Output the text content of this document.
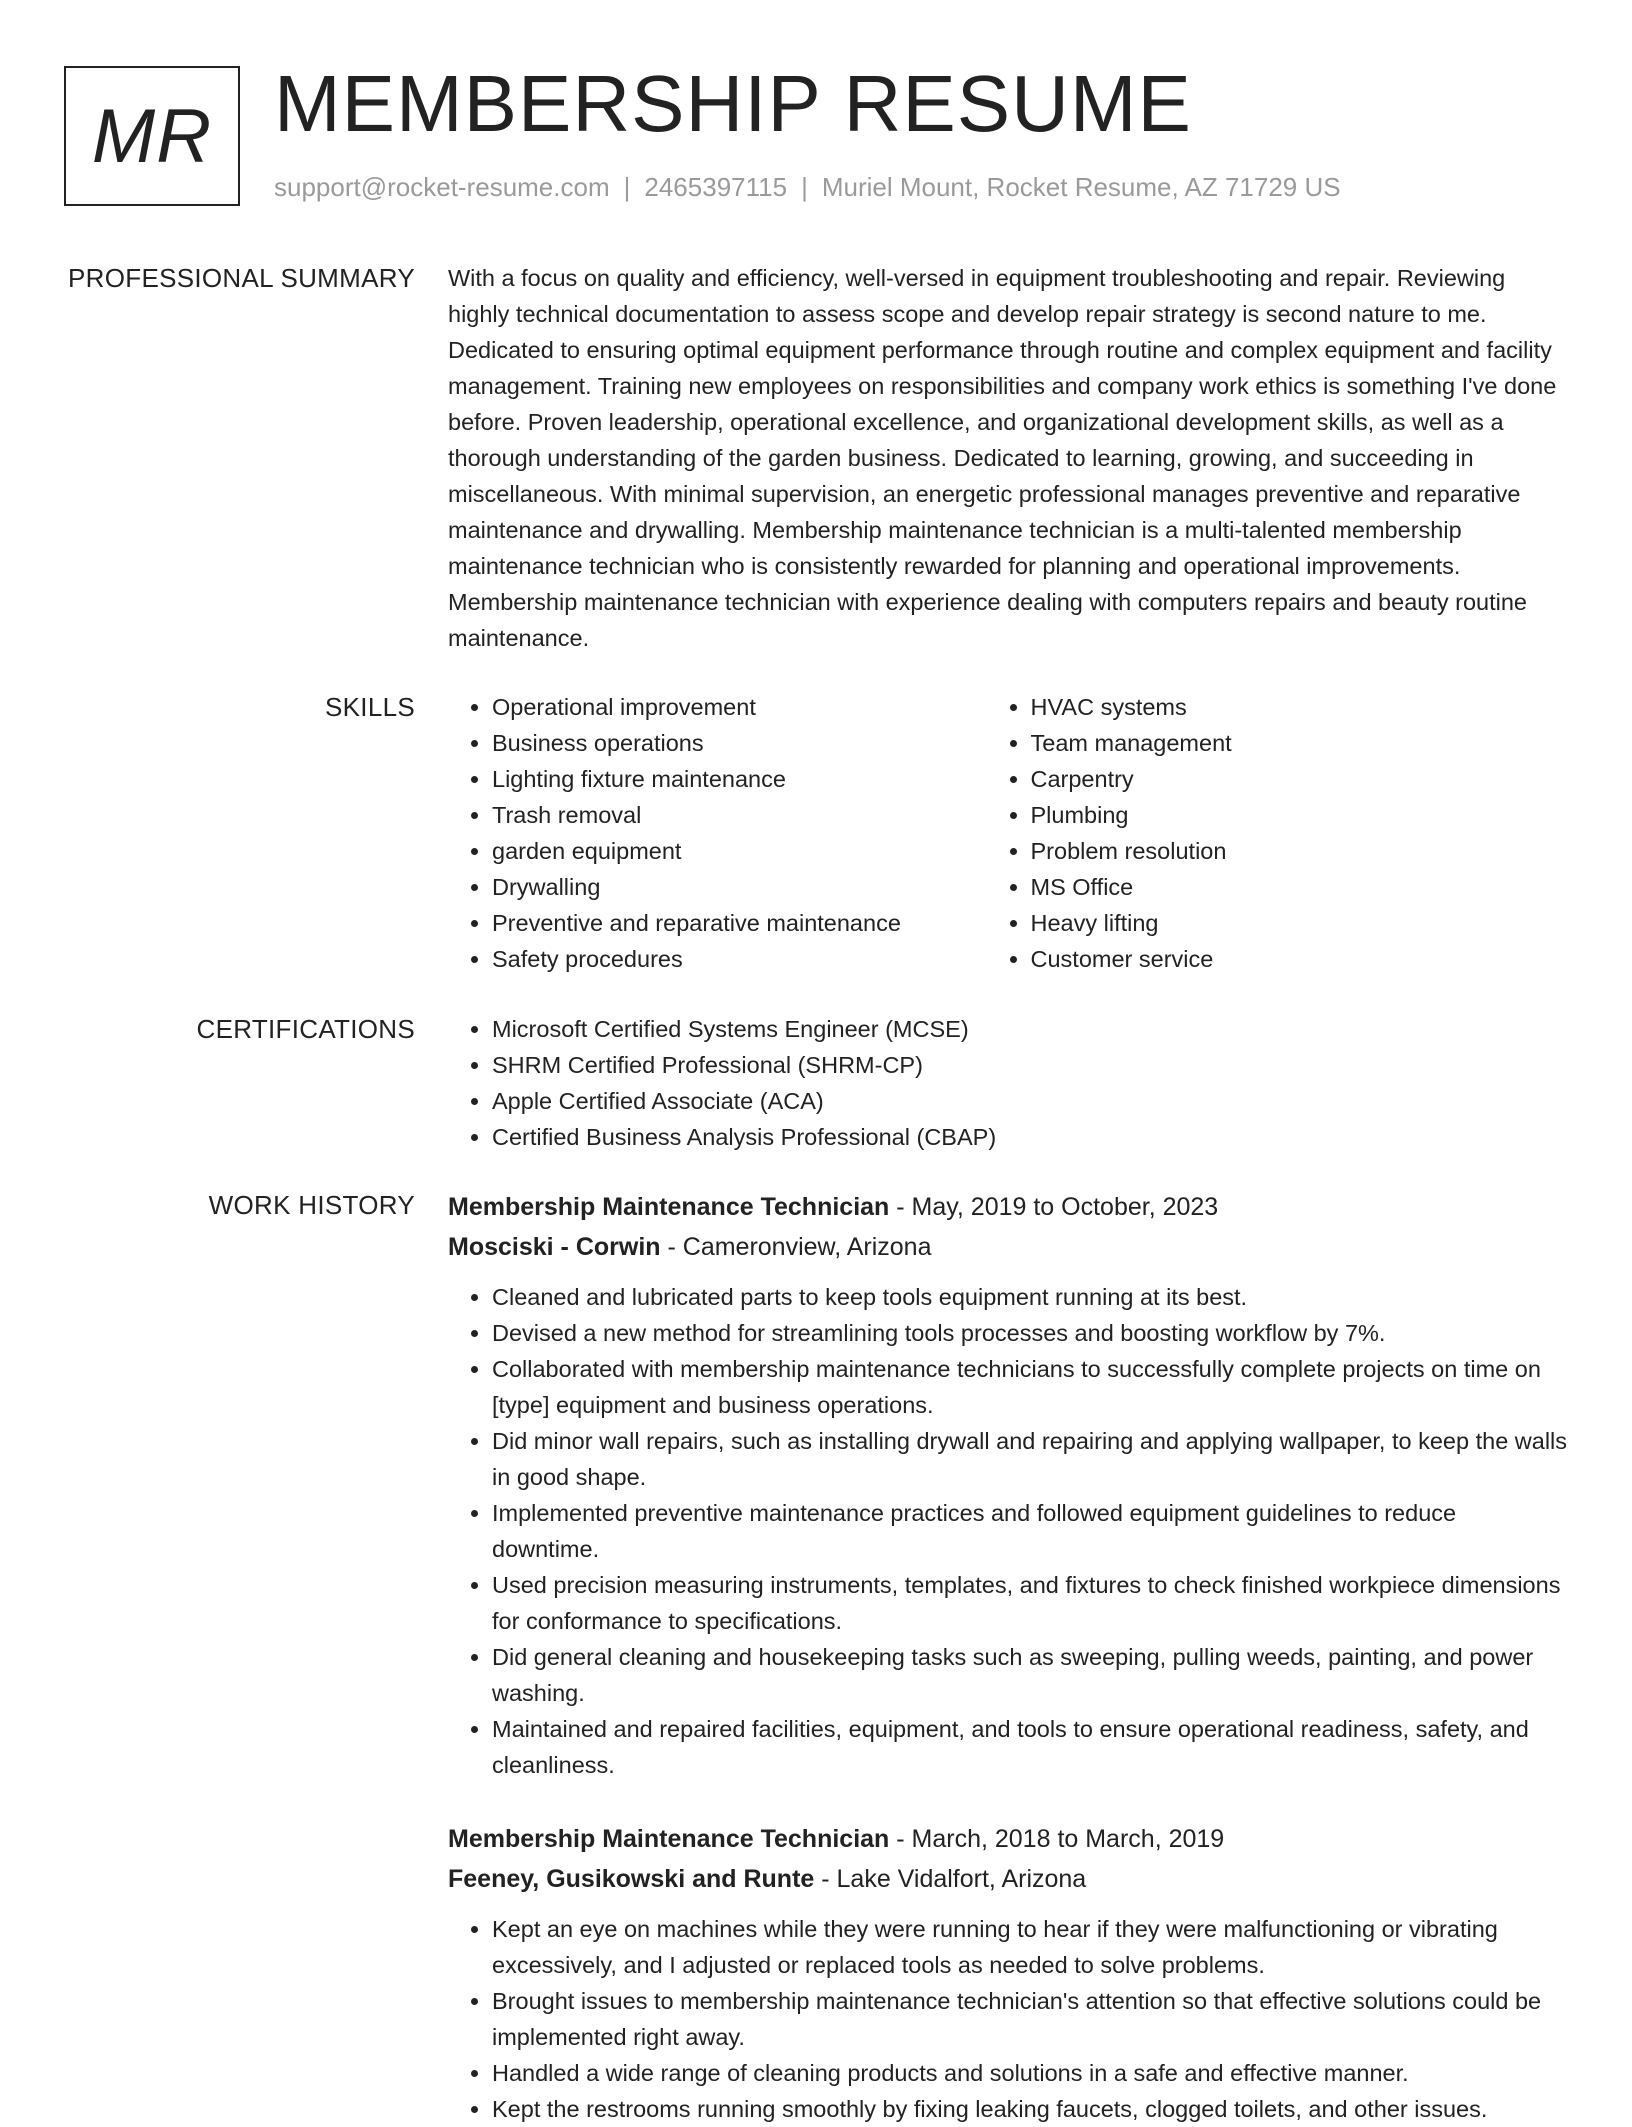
MR MEMBERSHIP RESUME
support@rocket-resume.com | 2465397115 | Muriel Mount, Rocket Resume, AZ 71729 US
PROFESSIONAL SUMMARY With a focus on quality and efficiency, well-versed in equipment troubleshooting and repair. Reviewing highly technical documentation to assess scope and develop repair strategy is second nature to me. Dedicated to ensuring optimal equipment performance through routine and complex equipment and facility management. Training new employees on responsibilities and company work ethics is something I've done before. Proven leadership, operational excellence, and organizational development skills, as well as a thorough understanding of the garden business. Dedicated to learning, growing, and succeeding in miscellaneous. With minimal supervision, an energetic professional manages preventive and reparative maintenance and drywalling. Membership maintenance technician is a multi-talented membership maintenance technician who is consistently rewarded for planning and operational improvements. Membership maintenance technician with experience dealing with computers repairs and beauty routine maintenance.

SKILLS	• Operational improvement
• Business operations
• Lighting fixture maintenance
• Trash removal
• garden equipment
• Drywalling
• Preventive and reparative maintenance
• Safety procedures
• HVAC systems
• Team management
• Carpentry
• Plumbing
• Problem resolution
• MS Office
• Heavy lifting
• Customer service
CERTIFICATIONS	• Microsoft Certified Systems Engineer (MCSE)
• SHRM Certified Professional (SHRM-CP)
• Apple Certified Associate (ACA)
• Certified Business Analysis Professional (CBAP)
WORK HISTORY Membership Maintenance Technician - May, 2019 to October, 2023
Mosciski - Corwin - Cameronview, Arizona
• Cleaned and lubricated parts to keep tools equipment running at its best.
• Devised a new method for streamlining tools processes and boosting workflow by 7%.
• Collaborated with membership maintenance technicians to successfully complete projects on time on [type] equipment and business operations.
• Did minor wall repairs, such as installing drywall and repairing and applying wallpaper, to keep the walls in good shape.
• Implemented preventive maintenance practices and followed equipment guidelines to reduce downtime.
• Used precision measuring instruments, templates, and fixtures to check finished workpiece dimensions for conformance to specifications.
• Did general cleaning and housekeeping tasks such as sweeping, pulling weeds, painting, and power washing.
• Maintained and repaired facilities, equipment, and tools to ensure operational readiness, safety, and cleanliness.
Membership Maintenance Technician - March, 2018 to March, 2019
Feeney, Gusikowski and Runte - Lake Vidalfort, Arizona
• Kept an eye on machines while they were running to hear if they were malfunctioning or vibrating excessively, and I adjusted or replaced tools as needed to solve problems.
• Brought issues to membership maintenance technician's attention so that effective solutions could be implemented right away.
• Handled a wide range of cleaning products and solutions in a safe and effective manner.
• Kept the restrooms running smoothly by fixing leaking faucets, clogged toilets, and other issues.
